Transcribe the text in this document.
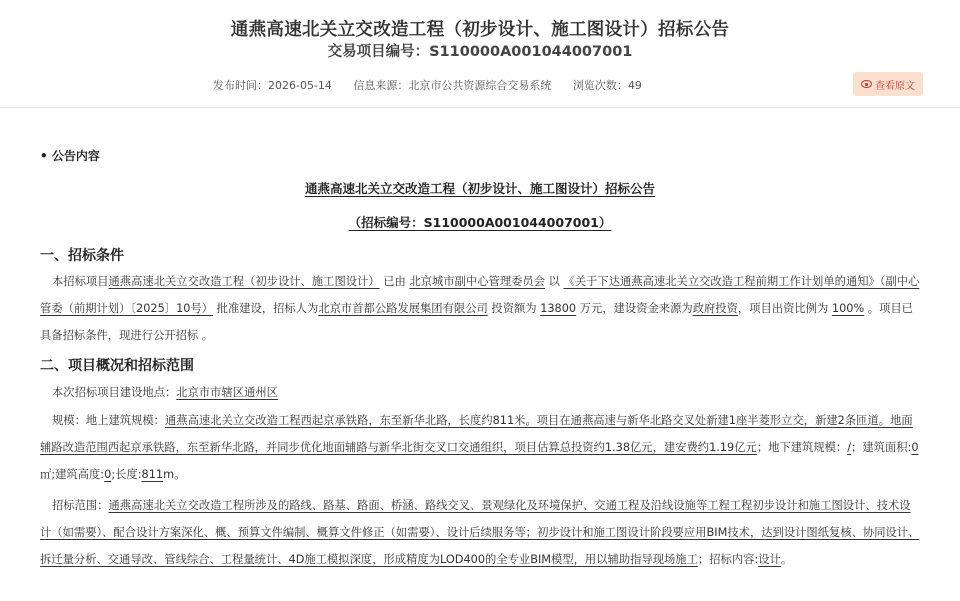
通燕高速北关立交改造工程（初步设计、施工图设计）招标公告
交易项目编号：S110000A001044007001
发布时间：2026-05-14 信息来源：北京市公共资源综合交易系统 浏览次数：49	查看原文
• 公告内容
通燕高速北关立交改造工程（初步设计、施工图设计）招标公告
（招标编号：S110000A001044007001）
一、招标条件
本招标项目通燕高速北关立交改造工程（初步设计、施工图设计） 已由 北京城市副中心管理委员会 以 《关于下达通燕高速北关立交改造工程前期工作计划单的通知》（副中心管委（前期计划）〔2025〕10号） 批准建设，招标人为北京市首都公路发展集团有限公司 投资额为 13800 万元，建设资金来源为政府投资，项目出资比例为 100% 。项目已具备招标条件，现进行公开招标 。
二、项目概况和招标范围
本次招标项目建设地点：北京市市辖区通州区
规模：地上建筑规模：通燕高速北关立交改造工程西起京承铁路，东至新华北路，长度约811米。项目在通燕高速与新华北路交叉处新建1座半菱形立交，新建2条匝道。地面辅路改造范围西起京承铁路，东至新华北路，并同步优化地面辅路与新华北街交叉口交通组织，项目估算总投资约1.38亿元，建安费约1.19亿元；地下建筑规模：/；建筑面积:0㎡;建筑高度:0;长度:811m。
招标范围：通燕高速北关立交改造工程所涉及的路线、路基、路面、桥涵、路线交叉、景观绿化及环境保护、交通工程及沿线设施等工程工程初步设计和施工图设计、技术设计（如需要）、配合设计方案深化、概、预算文件编制、概算文件修正（如需要）、设计后续服务等；初步设计和施工图设计阶段要应用BIM技术，达到设计图纸复核、协同设计、拆迁量分析、交通导改、管线综合、工程量统计、4D施工模拟深度，形成精度为LOD400的全专业BIM模型，用以辅助指导现场施工；招标内容:设计。
